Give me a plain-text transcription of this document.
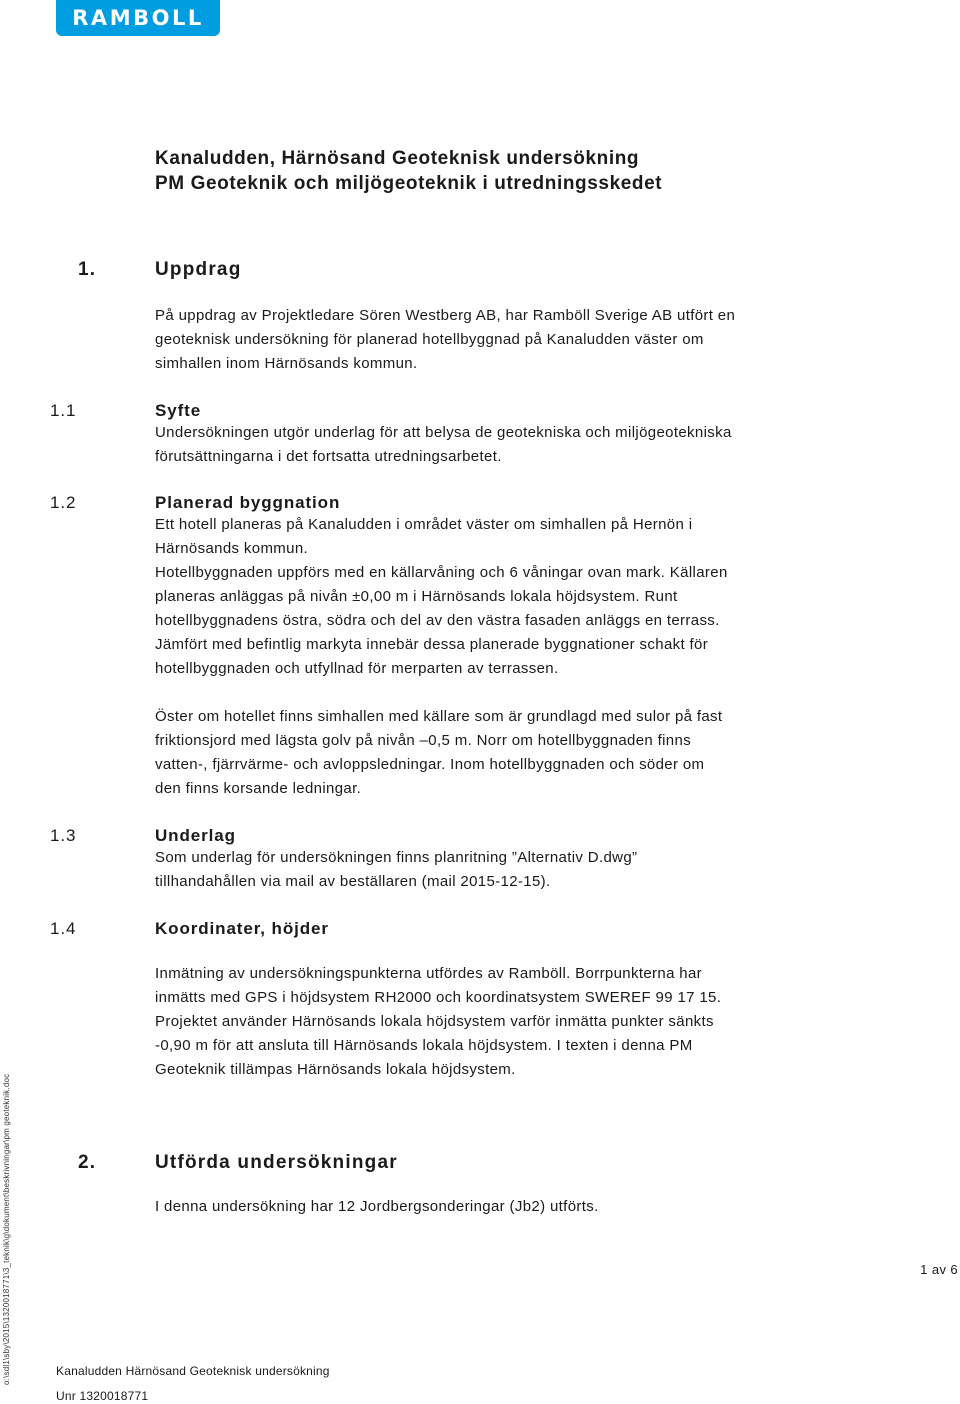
RAMBOLL
Kanaludden, Härnösand Geoteknisk undersökning
PM Geoteknik och miljögeoteknik i utredningsskedet
1.	Uppdrag
På uppdrag av Projektledare Sören Westberg AB, har Ramböll Sverige AB utfört en
geoteknisk undersökning för planerad hotellbyggnad på Kanaludden väster om
simhallen inom Härnösands kommun.
1.1	Syfte
Undersökningen utgör underlag för att belysa de geotekniska och miljögeotekniska
förutsättningarna i det fortsatta utredningsarbetet.
1.2	Planerad byggnation
Ett hotell planeras på Kanaludden i området väster om simhallen på Hernön i
Härnösands kommun.
Hotellbyggnaden uppförs med en källarvåning och 6 våningar ovan mark. Källaren
planeras anläggas på nivån ±0,00 m i Härnösands lokala höjdsystem. Runt
hotellbyggnadens östra, södra och del av den västra fasaden anläggs en terrass.
Jämfört med befintlig markyta innebär dessa planerade byggnationer schakt för
hotellbyggnaden och utfyllnad för merparten av terrassen.
Öster om hotellet finns simhallen med källare som är grundlagd med sulor på fast
friktionsjord med lägsta golv på nivån –0,5 m. Norr om hotellbyggnaden finns
vatten-, fjärrvärme- och avloppsledningar. Inom hotellbyggnaden och söder om
den finns korsande ledningar.
1.3	Underlag
Som underlag för undersökningen finns planritning ”Alternativ D.dwg”
tillhandahållen via mail av beställaren (mail 2015-12-15).
1.4	Koordinater, höjder
Inmätning av undersökningspunkterna utfördes av Ramböll. Borrpunkterna har
inmätts med GPS i höjdsystem RH2000 och koordinatsystem SWEREF 99 17 15.
Projektet använder Härnösands lokala höjdsystem varför inmätta punkter sänkts
-0,90 m för att ansluta till Härnösands lokala höjdsystem. I texten i denna PM
Geoteknik tillämpas Härnösands lokala höjdsystem.
2.	Utförda undersökningar
I denna undersökning har 12 Jordbergsonderingar (Jb2) utförts.
o:\sdl1\sby\2015\1320018771\3_teknik\g\dokument\beskrivningar\pm geoteknik.doc	1 av 6
Kanaludden Härnösand Geoteknisk undersökning
Unr 1320018771
